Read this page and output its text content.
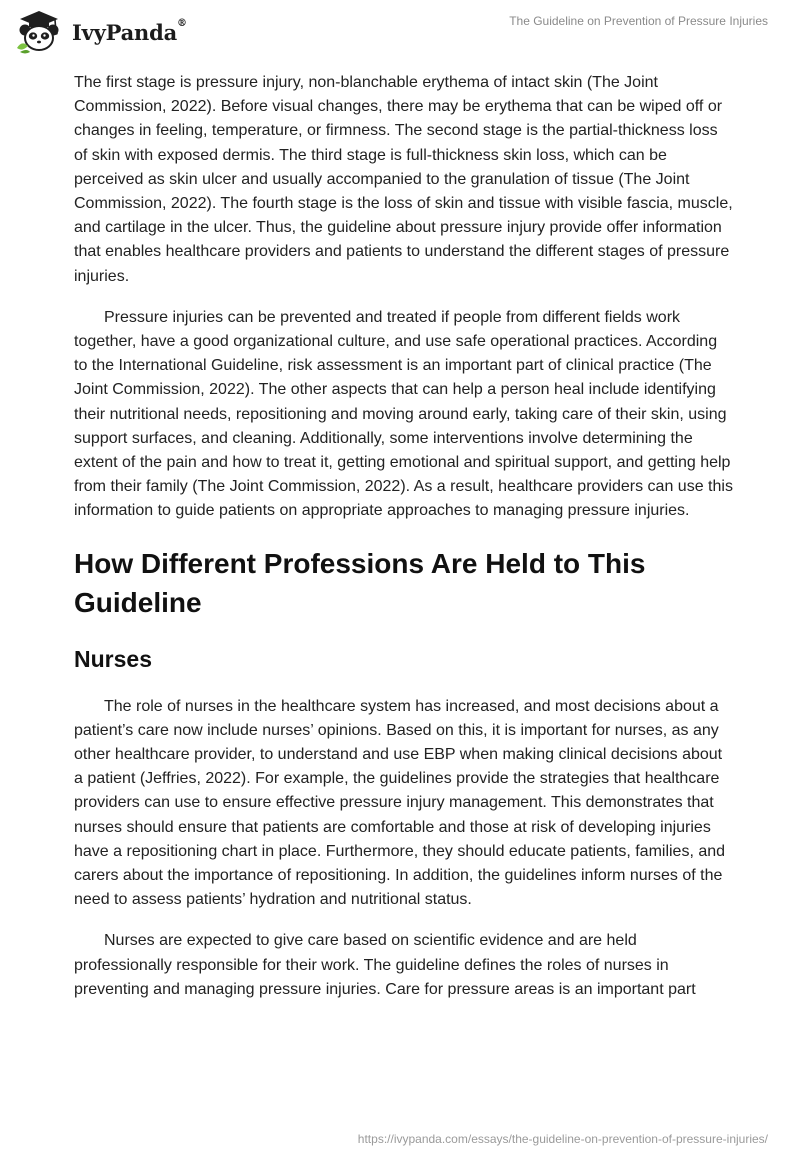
IvyPanda®	The Guideline on Prevention of Pressure Injuries

The first stage is pressure injury, non-blanchable erythema of intact skin (The Joint Commission, 2022). Before visual changes, there may be erythema that can be wiped off or changes in feeling, temperature, or firmness. The second stage is the partial-thickness loss of skin with exposed dermis. The third stage is full-thickness skin loss, which can be perceived as skin ulcer and usually accompanied to the granulation of tissue (The Joint Commission, 2022). The fourth stage is the loss of skin and tissue with visible fascia, muscle, and cartilage in the ulcer. Thus, the guideline about pressure injury provide offer information that enables healthcare providers and patients to understand the different stages of pressure injuries.

Pressure injuries can be prevented and treated if people from different fields work together, have a good organizational culture, and use safe operational practices. According to the International Guideline, risk assessment is an important part of clinical practice (The Joint Commission, 2022). The other aspects that can help a person heal include identifying their nutritional needs, repositioning and moving around early, taking care of their skin, using support surfaces, and cleaning. Additionally, some interventions involve determining the extent of the pain and how to treat it, getting emotional and spiritual support, and getting help from their family (The Joint Commission, 2022). As a result, healthcare providers can use this information to guide patients on appropriate approaches to managing pressure injuries.

How Different Professions Are Held to This Guideline
Nurses

The role of nurses in the healthcare system has increased, and most decisions about a patient’s care now include nurses’ opinions. Based on this, it is important for nurses, as any other healthcare provider, to understand and use EBP when making clinical decisions about a patient (Jeffries, 2022). For example, the guidelines provide the strategies that healthcare providers can use to ensure effective pressure injury management. This demonstrates that nurses should ensure that patients are comfortable and those at risk of developing injuries have a repositioning chart in place. Furthermore, they should educate patients, families, and carers about the importance of repositioning. In addition, the guidelines inform nurses of the need to assess patients’ hydration and nutritional status.

Nurses are expected to give care based on scientific evidence and are held professionally responsible for their work. The guideline defines the roles of nurses in preventing and managing pressure injuries. Care for pressure areas is an important part

https://ivypanda.com/essays/the-guideline-on-prevention-of-pressure-injuries/
